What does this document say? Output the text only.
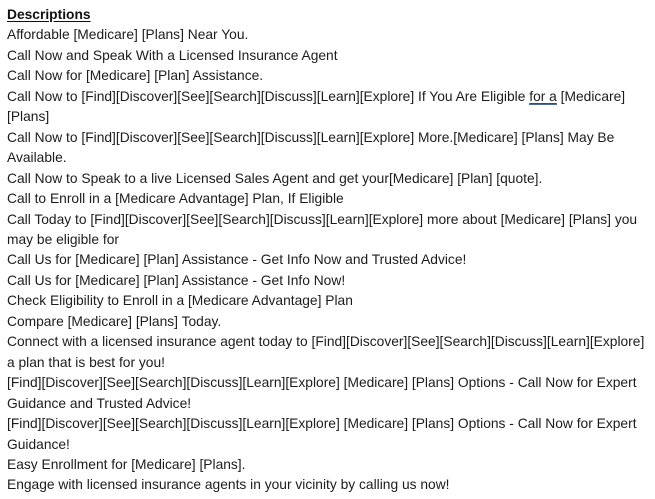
Descriptions

Affordable [Medicare] [Plans] Near You.

Call Now and Speak With a Licensed Insurance Agent

Call Now for [Medicare] [Plan] Assistance.

Call Now to [Find][Discover][See][Search][Discuss][Learn][Explore] If You Are Eligible for a [Medicare] [Plans]

Call Now to [Find][Discover][See][Search][Discuss][Learn][Explore] More.[Medicare] [Plans] May Be Available.

Call Now to Speak to a live Licensed Sales Agent and get your[Medicare] [Plan] [quote].

Call to Enroll in a [Medicare Advantage] Plan, If Eligible

Call Today to [Find][Discover][See][Search][Discuss][Learn][Explore] more about [Medicare] [Plans] you may be eligible for

Call Us for [Medicare] [Plan] Assistance - Get Info Now and Trusted Advice!

Call Us for [Medicare] [Plan] Assistance - Get Info Now!

Check Eligibility to Enroll in a [Medicare Advantage] Plan

Compare [Medicare] [Plans] Today.

Connect with a licensed insurance agent today to [Find][Discover][See][Search][Discuss][Learn][Explore] a plan that is best for you!

[Find][Discover][See][Search][Discuss][Learn][Explore] [Medicare] [Plans] Options - Call Now for Expert Guidance and Trusted Advice!

[Find][Discover][See][Search][Discuss][Learn][Explore] [Medicare] [Plans] Options - Call Now for Expert Guidance!

Easy Enrollment for [Medicare] [Plans].

Engage with licensed insurance agents in your vicinity by calling us now!
